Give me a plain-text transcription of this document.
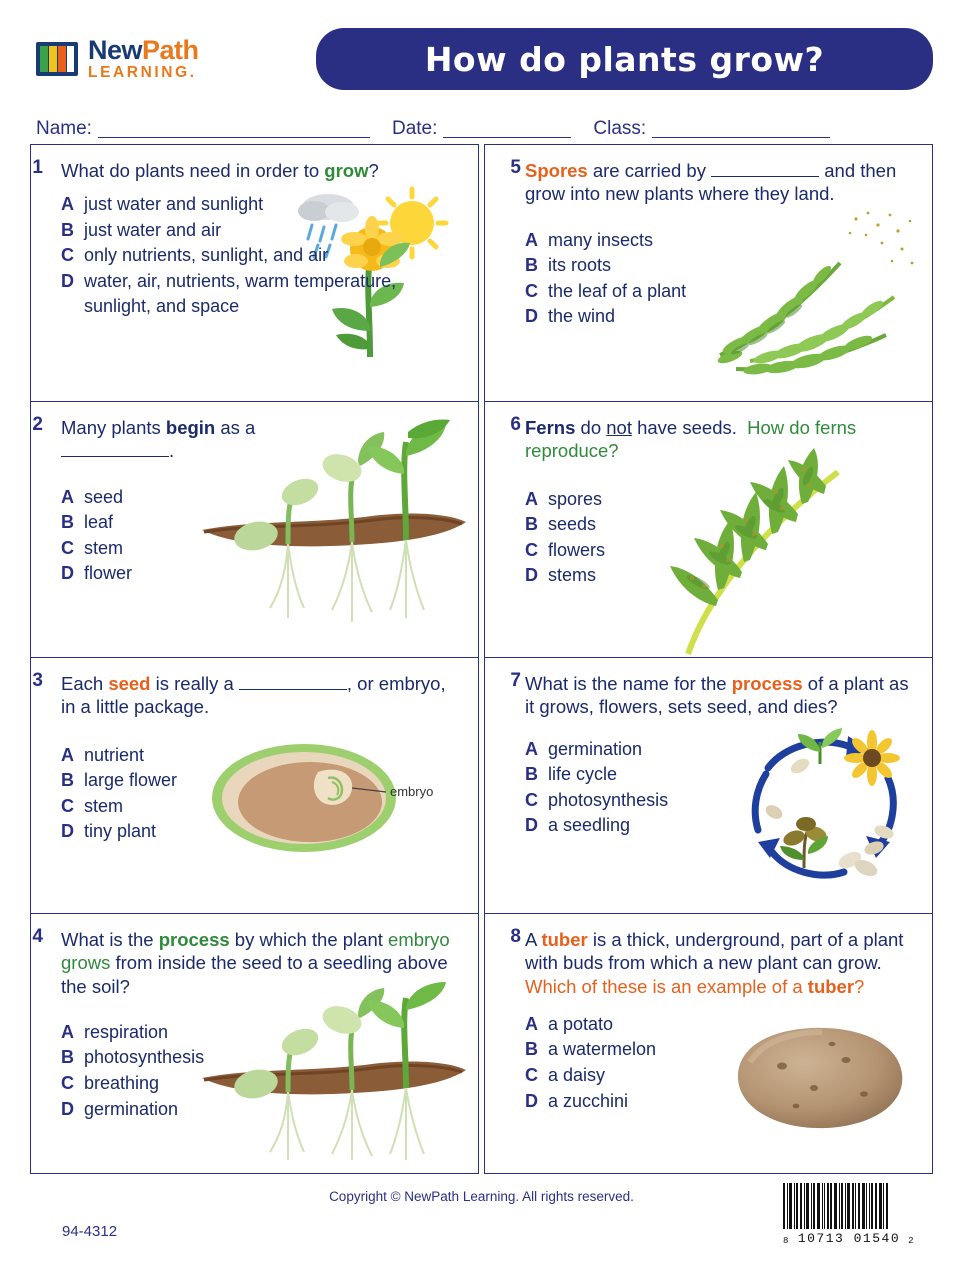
NewPath
LEARNING.	How do plants grow?
Name:	Date:	Class:
1 What do plants need in order to grow?
A just water and sunlight
B just water and air
C only nutrients, sunlight, and air
D water, air, nutrients, warm temperature, sunlight, and space
2 Many plants begin as a .
A seed
B leaf
C stem
D flower
3 Each seed is really a	, or embryo, in a little package.
A nutrient
B large flower
C stem
D tiny plant
embryo
4 What is the process by which the plant embryo grows from inside the seed to a seedling above the soil?
A respiration
B photosynthesis
C breathing
D germination
5 Spores are carried by	and then grow into new plants where they land.
A many insects
B its roots
C the leaf of a plant
D the wind
6 Ferns do not have seeds.  How do ferns reproduce?
A spores
B seeds
C flowers
D stems
7 What is the name for the process of a plant as it grows, flowers, sets seed, and dies?
A germination
B life cycle
C photosynthesis
D a seedling
8 A tuber is a thick, underground, part of a plant with buds from which a new plant can grow.  Which of these is an example of a tuber?
A a potato
B a watermelon
C a daisy
D a zucchini
Copyright © NewPath Learning. All rights reserved.
94-4312
8 10713 01540 2
